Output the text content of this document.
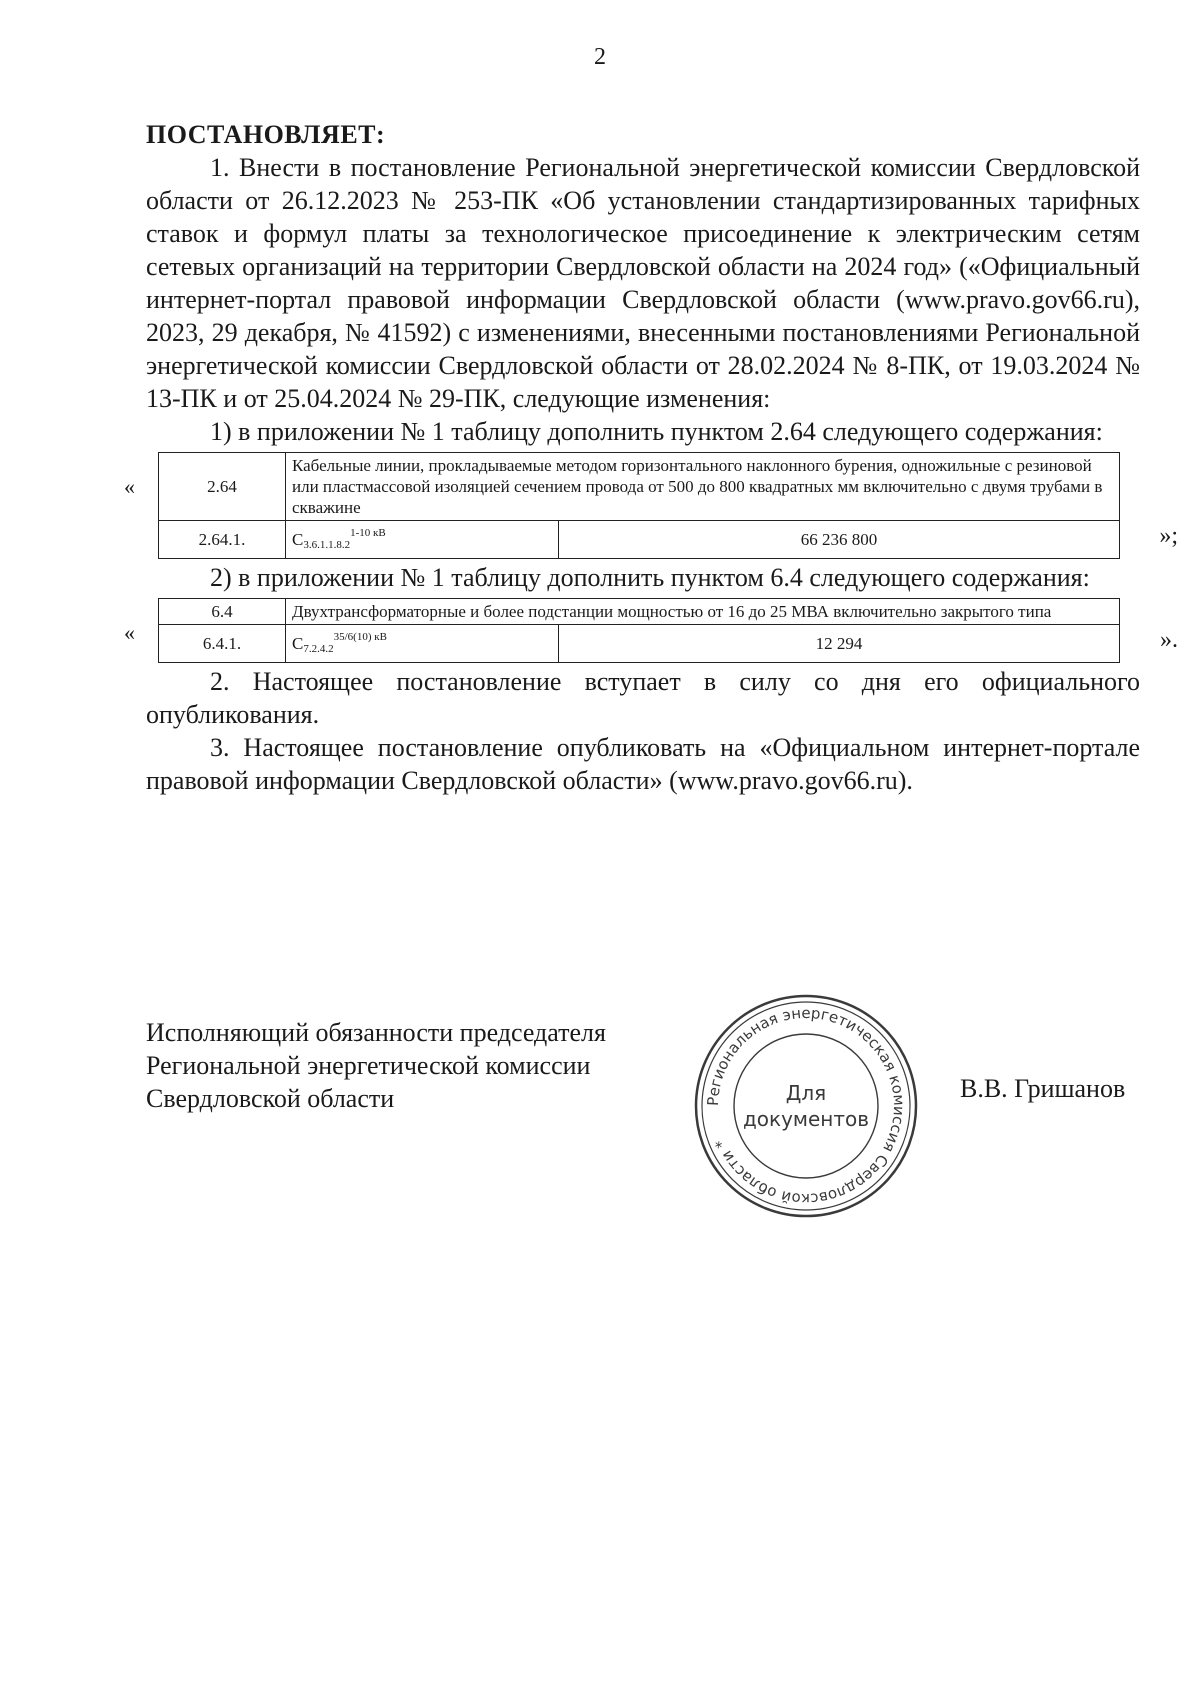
2

ПОСТАНОВЛЯЕТ:

1. Внести в постановление Региональной энергетической комиссии Свердловской области от 26.12.2023 № 253-ПК «Об установлении стандартизированных тарифных ставок и формул платы за технологическое присоединение к электрическим сетям сетевых организаций на территории Свердловской области на 2024 год» («Официальный интернет-портал правовой информации Свердловской области (www.pravo.gov66.ru), 2023, 29 декабря, № 41592) с изменениями, внесенными постановлениями Региональной энергетической комиссии Свердловской области от 28.02.2024 № 8-ПК, от 19.03.2024 № 13-ПК и от 25.04.2024 № 29-ПК, следующие изменения:

1) в приложении № 1 таблицу дополнить пунктом 2.64 следующего содержания:

«	2.64	Кабельные линии, прокладываемые методом горизонтального наклонного бурения, одножильные с резиновой или пластмассовой изоляцией сечением провода от 500 до 800 квадратных мм включительно с двумя трубами в скважине	
2.64.1.	$C_{3.6.1.1.8.2}^{1-10 кВ}$	66 236 800	»;

2) в приложении № 1 таблицу дополнить пунктом 6.4 следующего содержания:

«
6.4	Двухтрансформаторные и более подстанции мощностью от 16 до 25 МВА включительно закрытого типа	
6.4.1.	$C_{7.2.4.2}^{35/6(10) кВ}$	12 294	».

2. Настоящее постановление вступает в силу со дня его официального опубликования.

3. Настоящее постановление опубликовать на «Официальном интернет-портале правовой информации Свердловской области» (www.pravo.gov66.ru).

Исполняющий обязанности председателя
Региональной энергетической комиссии
Свердловской области	Региональная энергетическая комиссия Свердловской области *
Для
документов
В.В. Гришанов
